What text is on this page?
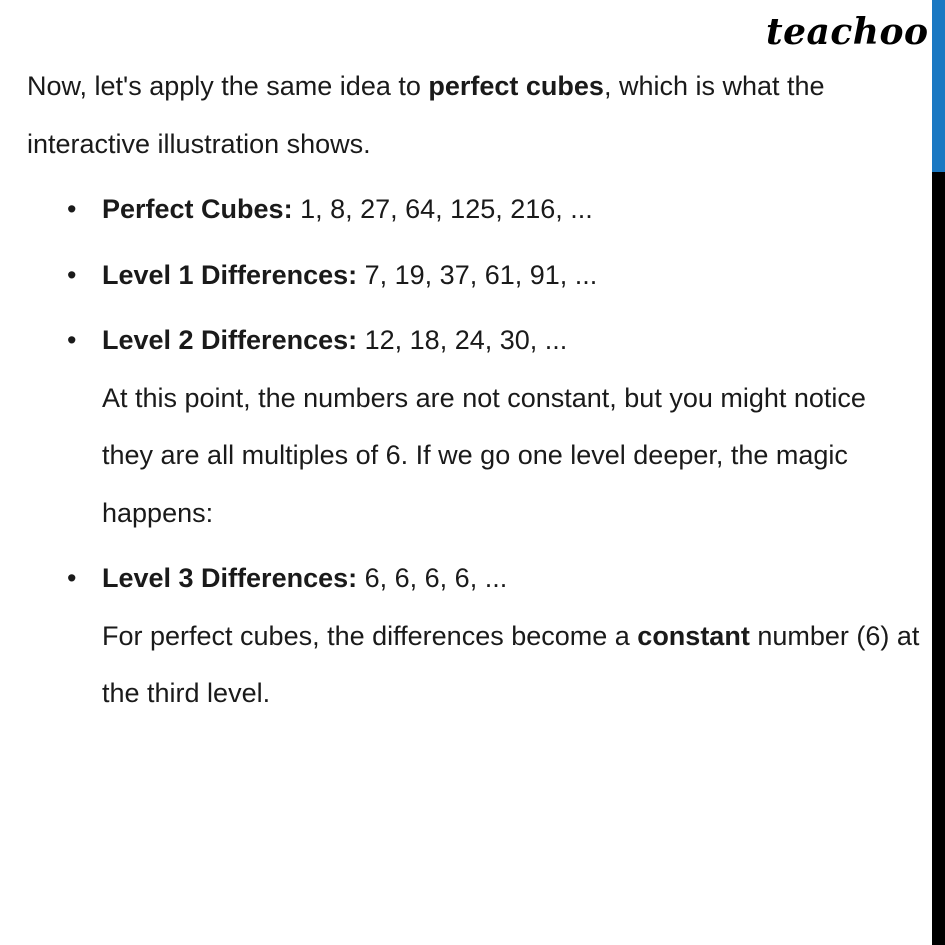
teachoo

Now, let's apply the same idea to perfect cubes, which is what the interactive illustration shows.

• Perfect Cubes: 1, 8, 27, 64, 125, 216, ...
• Level 1 Differences: 7, 19, 37, 61, 91, ...
• Level 2 Differences: 12, 18, 24, 30, ...
At this point, the numbers are not constant, but you might notice they are all multiples of 6. If we go one level deeper, the magic happens:
• Level 3 Differences: 6, 6, 6, 6, ...
For perfect cubes, the differences become a constant number (6) at the third level.
